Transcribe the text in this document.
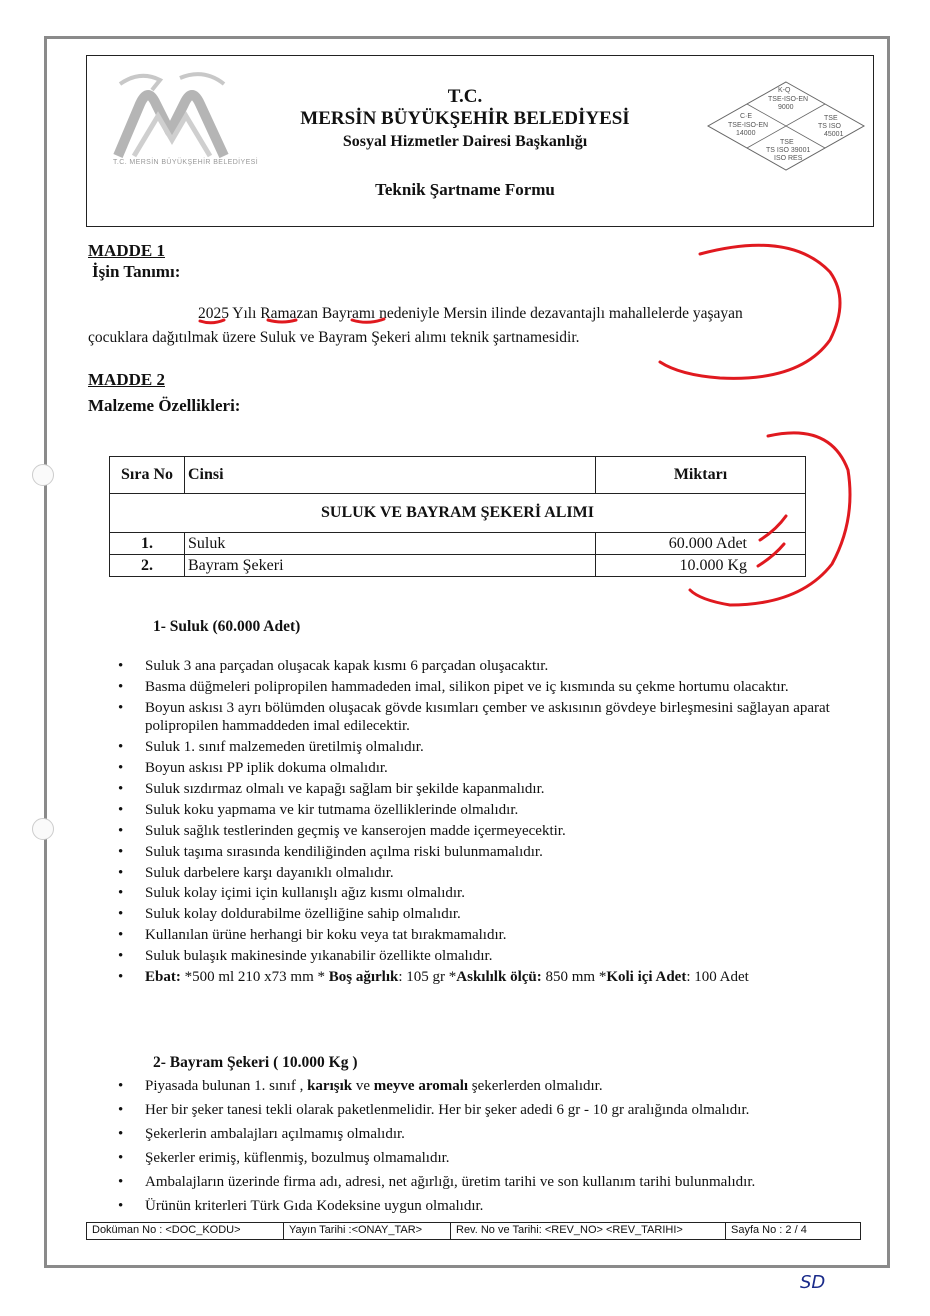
T.C. MERSİN BÜYÜKŞEHİR BELEDİYESİ
T.C.
MERSİN BÜYÜKŞEHİR BELEDİYESİ
Sosyal Hizmetler Dairesi Başkanlığı
Teknik Şartname Formu
K-Q
TSE-ISO-EN
9000
TSE
TS ISO
45001
C·E
TSE-ISO-EN
14000
TSE
TS ISO 39001
ISO RES
MADDE 1
İşin Tanımı:
2025 Yılı Ramazan Bayramı nedeniyle Mersin ilinde dezavantajlı mahallelerde yaşayan
çocuklara dağıtılmak üzere Suluk ve Bayram Şekeri alımı teknik şartnamesidir.
MADDE 2
Malzeme Özellikleri:
Sıra No	Cinsi	Miktarı
SULUK VE BAYRAM ŞEKERİ ALIMI		
1.	Suluk	60.000 Adet
2.	Bayram Şekeri	10.000 Kg
1- Suluk (60.000 Adet)
• Suluk 3 ana parçadan oluşacak kapak kısmı 6 parçadan oluşacaktır.
• Basma düğmeleri polipropilen hammadeden imal, silikon pipet ve iç kısmında su çekme hortumu olacaktır.
• Boyun askısı 3 ayrı bölümden oluşacak gövde kısımları çember ve askısının gövdeye birleşmesini sağlayan aparat polipropilen hammaddeden imal edilecektir.
• Suluk 1. sınıf malzemeden üretilmiş olmalıdır.
• Boyun askısı PP iplik dokuma olmalıdır.
• Suluk sızdırmaz olmalı ve kapağı sağlam bir şekilde kapanmalıdır.
• Suluk koku yapmama ve kir tutmama özelliklerinde olmalıdır.
• Suluk sağlık testlerinden geçmiş ve kanserojen madde içermeyecektir.
• Suluk taşıma sırasında kendiliğinden açılma riski bulunmamalıdır.
• Suluk darbelere karşı dayanıklı olmalıdır.
• Suluk kolay içimi için kullanışlı ağız kısmı olmalıdır.
• Suluk kolay doldurabilme özelliğine sahip olmalıdır.
• Kullanılan ürüne herhangi bir koku veya tat bırakmamalıdır.
• Suluk bulaşık makinesinde yıkanabilir özellikte olmalıdır.
• Ebat: *500 ml 210 x73 mm * Boş ağırlık: 105 gr *Askılılk ölçü: 850 mm *Koli içi Adet: 100 Adet
2- Bayram Şekeri ( 10.000 Kg )
• Piyasada bulunan 1. sınıf , karışık ve meyve aromalı şekerlerden olmalıdır.
• Her bir şeker tanesi tekli olarak paketlenmelidir. Her bir şeker adedi 6 gr - 10 gr aralığında olmalıdır.
• Şekerlerin ambalajları açılmamış olmalıdır.
• Şekerler erimiş, küflenmiş, bozulmuş olmamalıdır.
• Ambalajların üzerinde firma adı, adresi, net ağırlığı, üretim tarihi ve son kullanım tarihi bulunmalıdır.
• Ürünün kriterleri Türk Gıda Kodeksine uygun olmalıdır.
Doküman No : <DOC_KODU>	Yayın Tarihi :<ONAY_TAR>	Rev. No ve Tarihi: <REV_NO> <REV_TARIHI>	Sayfa No : 2 / 4
SD
